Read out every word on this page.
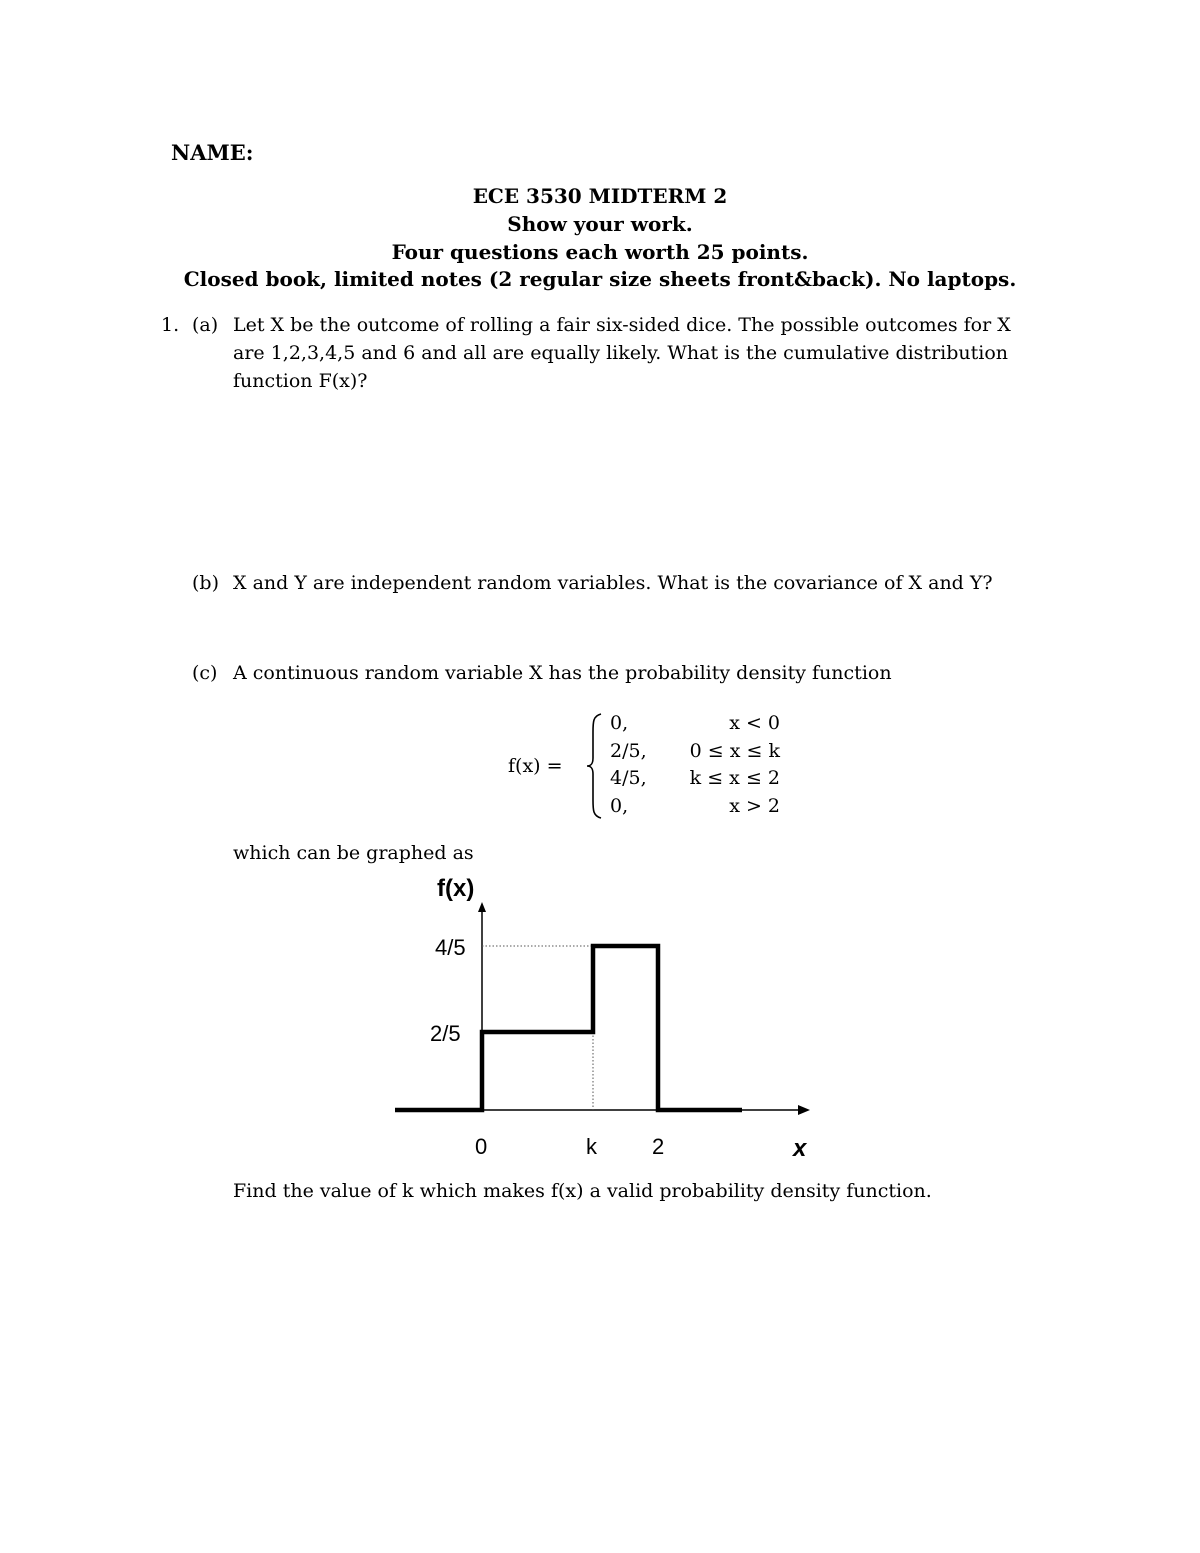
NAME:
ECE 3530 MIDTERM 2
Show your work.
Four questions each worth 25 points.
Closed book, limited notes (2 regular size sheets front&back). No laptops.
1. (a) Let X be the outcome of rolling a fair six-sided dice. The possible outcomes for X
are 1,2,3,4,5 and 6 and all are equally likely. What is the cumulative distribution
function F(x)?
(b) X and Y are independent random variables. What is the covariance of X and Y?
(c) A continuous random variable X has the probability density function
f(x) =
0,	x < 0
2/5, 0 ≤ x ≤ k
4/5, k ≤ x ≤ 2
0,	x > 2
which can be graphed as
f(x)
4/5
2/5
0	k	2	x
Find the value of k which makes f(x) a valid probability density function.
